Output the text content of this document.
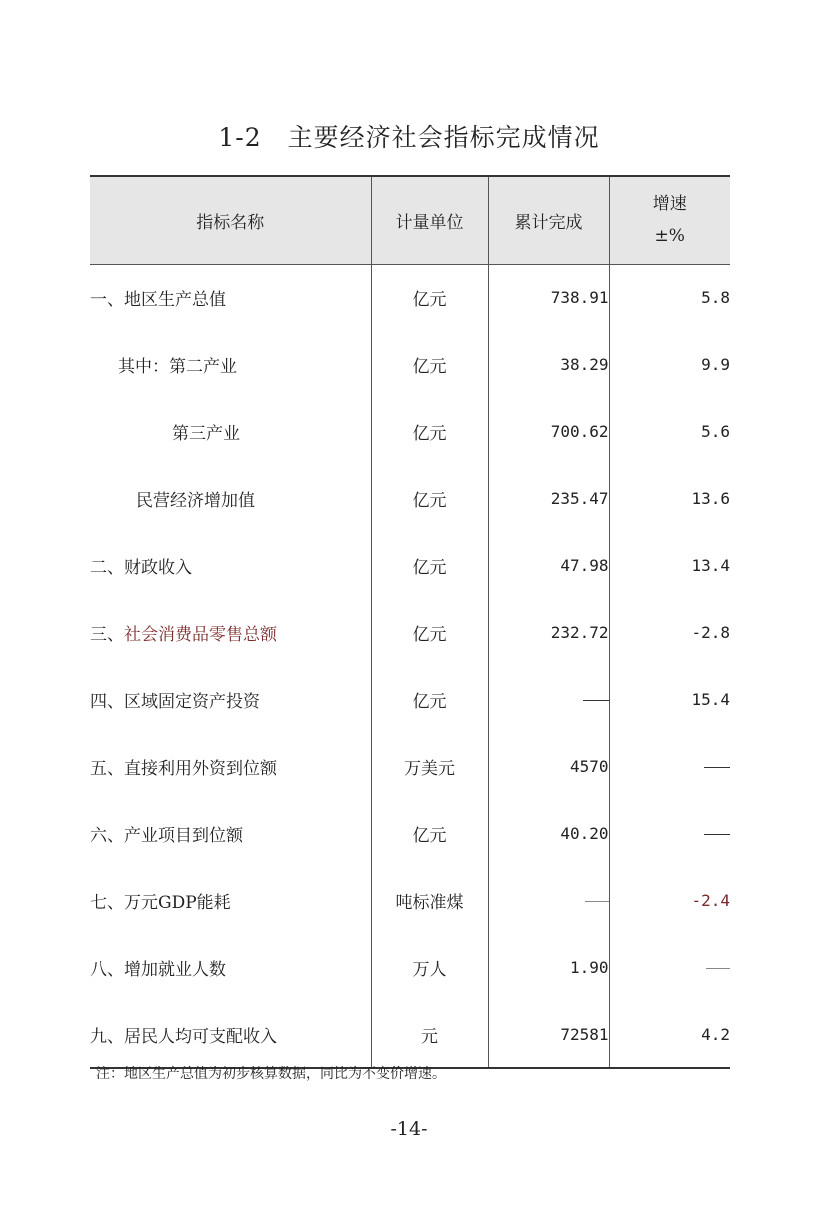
1-2　主要经济社会指标完成情况
指标名称	计量单位	累计完成	增速
±%
一、地区生产总值	亿元	738.91	5.8
其中：第二产业	亿元	38.29	9.9
第三产业	亿元	700.62	5.6
民营经济增加值	亿元	235.47	13.6
二、财政收入	亿元	47.98	13.4
三、社会消费品零售总额	亿元	232.72	-2.8
四、区域固定资产投资	亿元		15.4
五、直接利用外资到位额	万美元	4570	
六、产业项目到位额	亿元	40.20	
七、万元GDP能耗	吨标准煤		-2.4
八、增加就业人数	万人	1.90	
九、居民人均可支配收入	元	72581	4.2
注：地区生产总值为初步核算数据，同比为不变价增速。
-14-
